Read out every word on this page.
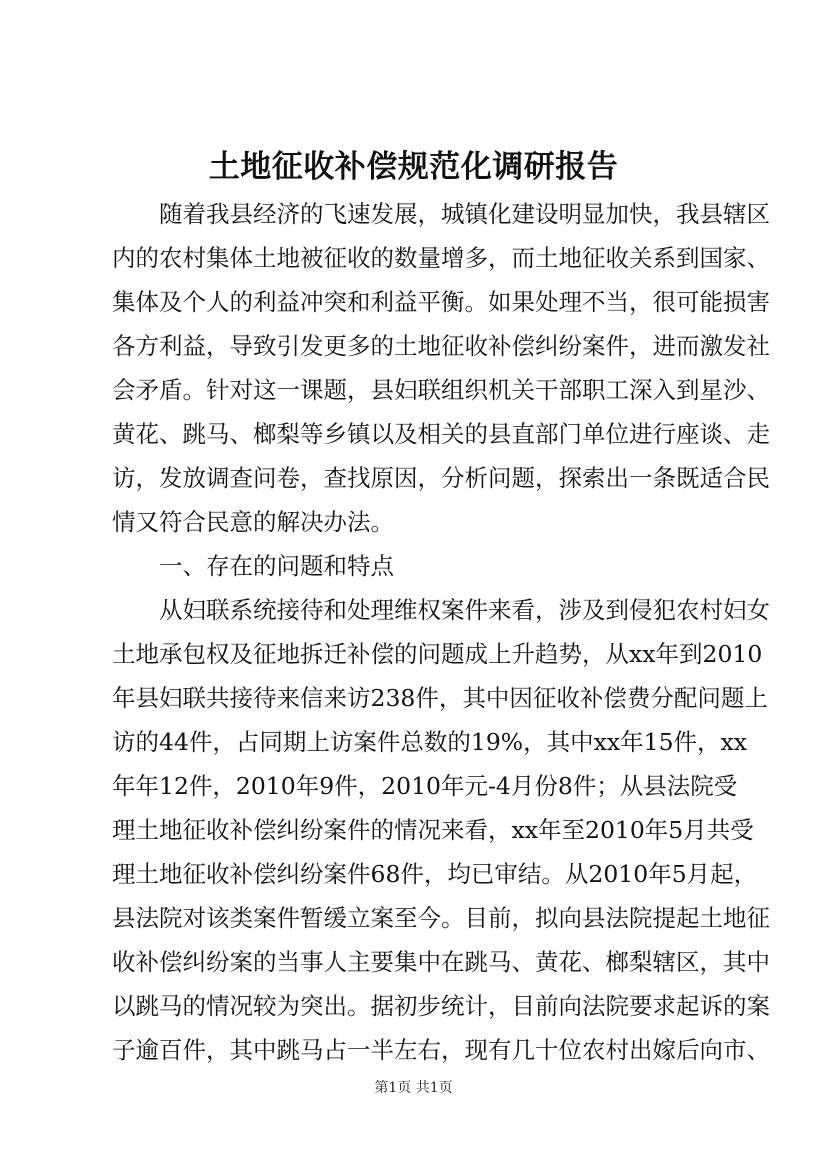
土地征收补偿规范化调研报告
　　随着我县经济的飞速发展，城镇化建设明显加快，我县辖区
内的农村集体土地被征收的数量增多，而土地征收关系到国家、
集体及个人的利益冲突和利益平衡。如果处理不当，很可能损害
各方利益，导致引发更多的土地征收补偿纠纷案件，进而激发社
会矛盾。针对这一课题，县妇联组织机关干部职工深入到星沙、
黄花、跳马、榔梨等乡镇以及相关的县直部门单位进行座谈、走
访，发放调查问卷，查找原因，分析问题，探索出一条既适合民
情又符合民意的解决办法。
　　一、存在的问题和特点
　　从妇联系统接待和处理维权案件来看，涉及到侵犯农村妇女
土地承包权及征地拆迁补偿的问题成上升趋势，从xx年到2010
年县妇联共接待来信来访238件，其中因征收补偿费分配问题上
访的44件，占同期上访案件总数的19%，其中xx年15件，xx
年年12件，2010年9件，2010年元-4月份8件；从县法院受
理土地征收补偿纠纷案件的情况来看，xx年至2010年5月共受
理土地征收补偿纠纷案件68件，均已审结。从2010年5月起，
县法院对该类案件暂缓立案至今。目前，拟向县法院提起土地征
收补偿纠纷案的当事人主要集中在跳马、黄花、榔梨辖区，其中
以跳马的情况较为突出。据初步统计，目前向法院要求起诉的案
子逾百件，其中跳马占一半左右，现有几十位农村出嫁后向市、
第1页 共1页
